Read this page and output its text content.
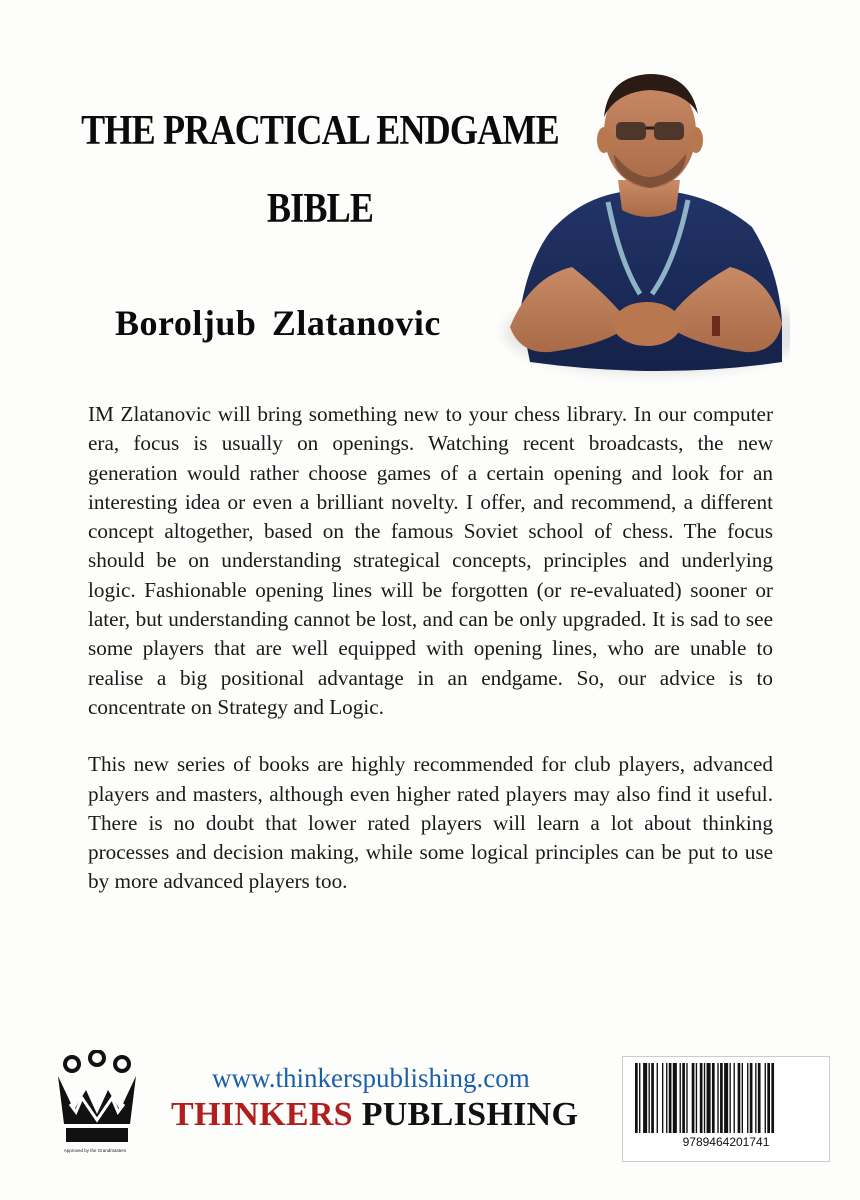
THE PRACTICAL ENDGAME
BIBLE
Boroljub Zlatanovic

IM Zlatanovic will bring something new to your chess library. In our computer era, focus is usually on openings. Watching recent broadcasts, the new generation would rather choose games of a certain opening and look for an interesting idea or even a brilliant novelty. I offer, and recommend, a different concept altogether, based on the famous Soviet school of chess. The focus should be on understanding strategical concepts, principles and underlying logic. Fashionable opening lines will be forgotten (or re-evaluated) sooner or later, but understanding cannot be lost, and can be only upgraded. It is sad to see some players that are well equipped with opening lines, who are unable to realise a big positional advantage in an endgame. So, our advice is to concentrate on Strategy and Logic.

This new series of books are highly recommended for club players, advanced players and masters, although even higher rated players may also find it useful. There is no doubt that lower rated players will learn a lot about thinking processes and decision making, while some logical principles can be put to use by more advanced players too.

Approved by the Grandmasters
www.thinkerspublishing.com
THINKERS PUBLISHING
9789464201741
